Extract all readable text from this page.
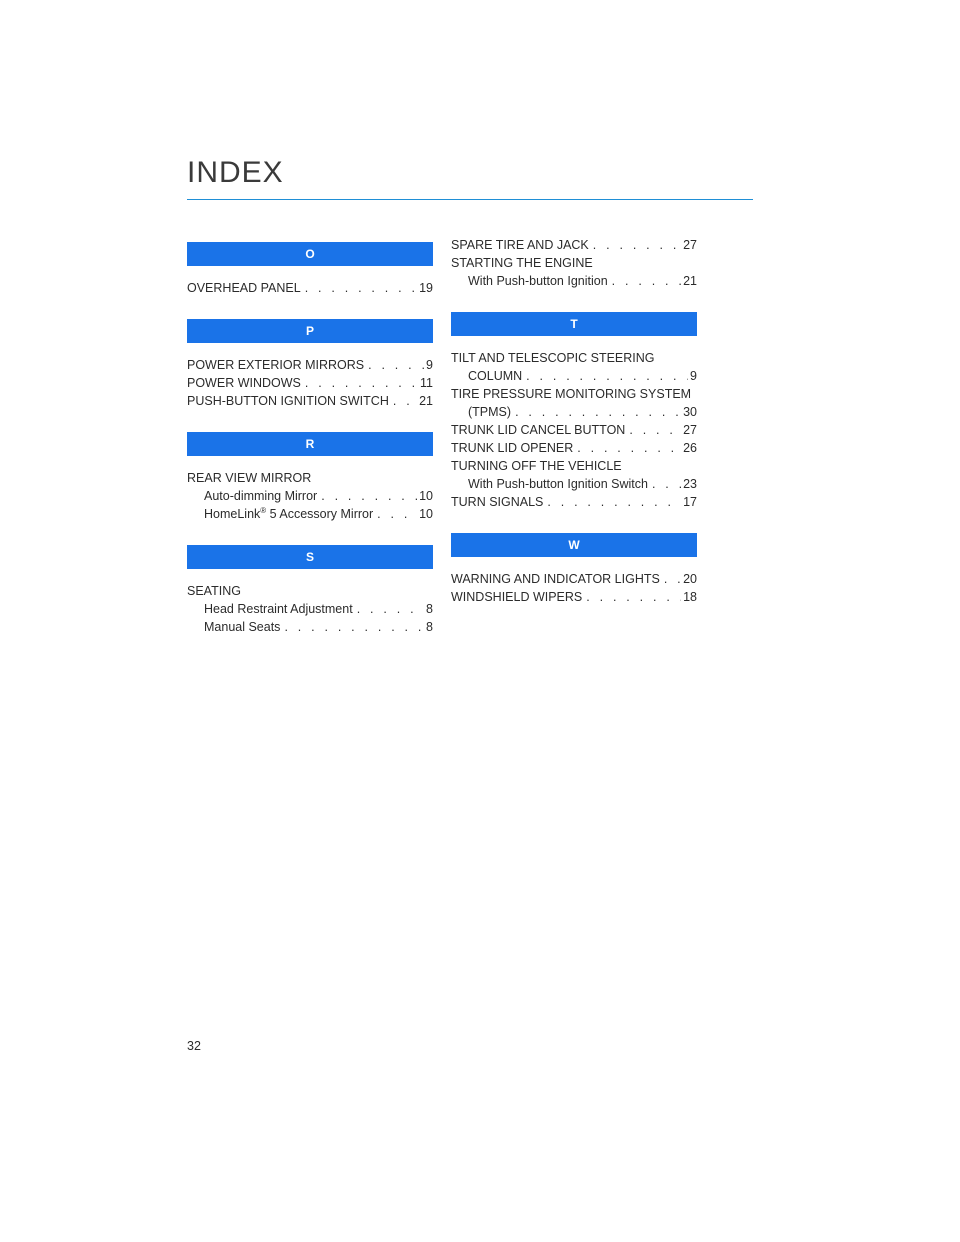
INDEX
O
OVERHEAD PANEL . . .	19
P
POWER EXTERIOR MIRRORS . . .	9
POWER WINDOWS . . .	11
PUSH-BUTTON IGNITION SWITCH . . . 21
R
REAR VIEW MIRROR
Auto-dimming Mirror . . .	10
HomeLink® 5 Accessory Mirror . . .	10
S
SEATING
Head Restraint Adjustment . . .	8
Manual Seats . . .	8
SPARE TIRE AND JACK . . .	27
STARTING THE ENGINE
With Push-button Ignition . . .	21
T
TILT AND TELESCOPIC STEERING
COLUMN . . .	9
TIRE PRESSURE MONITORING SYSTEM
(TPMS) . . .	30
TRUNK LID CANCEL BUTTON . . .	27
TRUNK LID OPENER . . .	26
TURNING OFF THE VEHICLE
With Push-button Ignition Switch . . .	23
TURN SIGNALS . . .	17
W
WARNING AND INDICATOR LIGHTS . . . 20
WINDSHIELD WIPERS . . .	18
32
